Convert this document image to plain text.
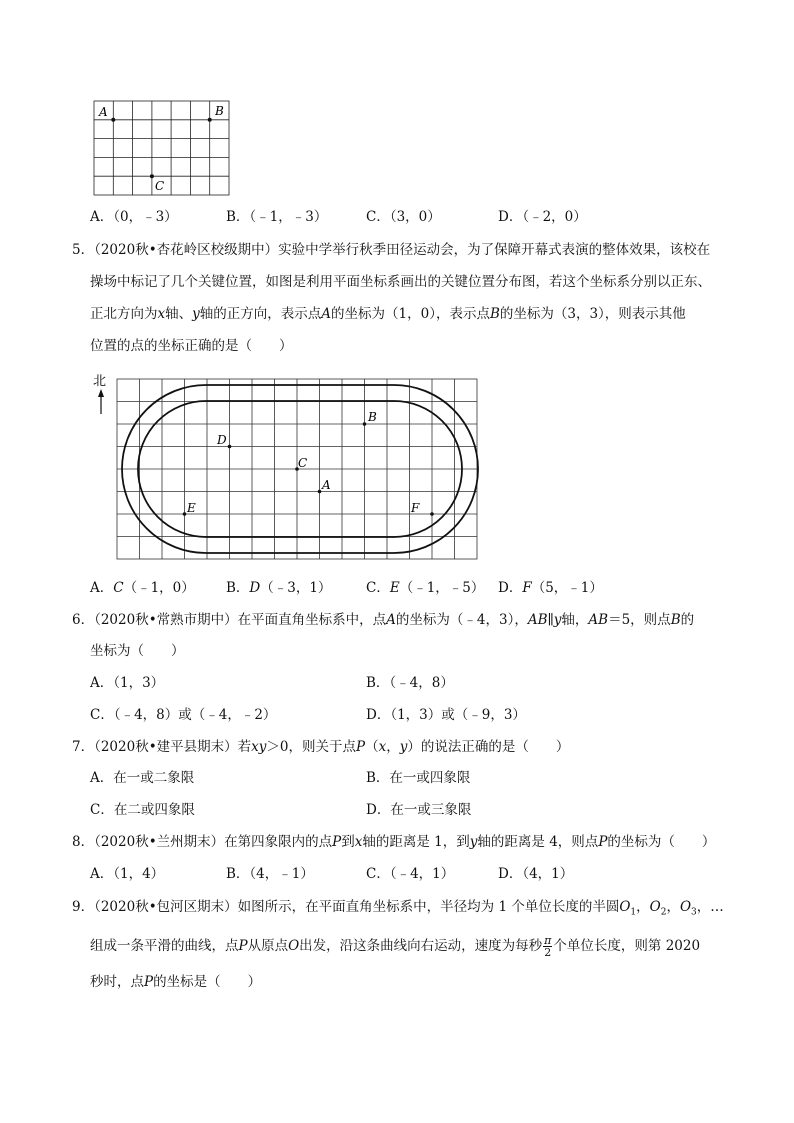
A	B
C
A．（0，﹣3）	B．（﹣1，﹣3）	C．（3，0）	D．（﹣2，0）
5．（2020秋•杏花岭区校级期中）实验中学举行秋季田径运动会，为了保障开幕式表演的整体效果，该校在
操场中标记了几个关键位置，如图是利用平面坐标系画出的关键位置分布图，若这个坐标系分别以正东、
正北方向为x轴、y轴的正方向，表示点A的坐标为（1，0），表示点B的坐标为（3，3），则表示其他
位置的点的坐标正确的是（　　）
北
B
D
C
A
E	F
A．C（﹣1，0） B．D（﹣3，1）	C．E（﹣1，﹣5） D．F（5，﹣1）
6．（2020秋•常熟市期中）在平面直角坐标系中，点A的坐标为（﹣4，3），AB∥y轴，AB＝5，则点B的
坐标为（　　）
A．（1，3）	B．（﹣4，8）
C．（﹣4，8）或（﹣4，﹣2）	D．（1，3）或（﹣9，3）
7．（2020秋•建平县期末）若xy＞0，则关于点P（x，y）的说法正确的是（　　）
A．在一或二象限	B．在一或四象限
C．在二或四象限	D．在一或三象限
8．（2020秋•兰州期末）在第四象限内的点P到x轴的距离是 1，到y轴的距离是 4，则点P的坐标为（　　）
A．（1，4）	B．（4，﹣1）	C．（﹣4，1）	D．（4，1）
9．（2020秋•包河区期末）如图所示，在平面直角坐标系中，半径均为 1 个单位长度的半圆$O_1$，$O_2$，$O_3$，…
组成一条平滑的曲线，点P从原点O出发，沿这条曲线向右运动，速度为每秒 $\frac{\pi}{2}$ 个单位长度，则第 2020
秒时，点P的坐标是（　　）
